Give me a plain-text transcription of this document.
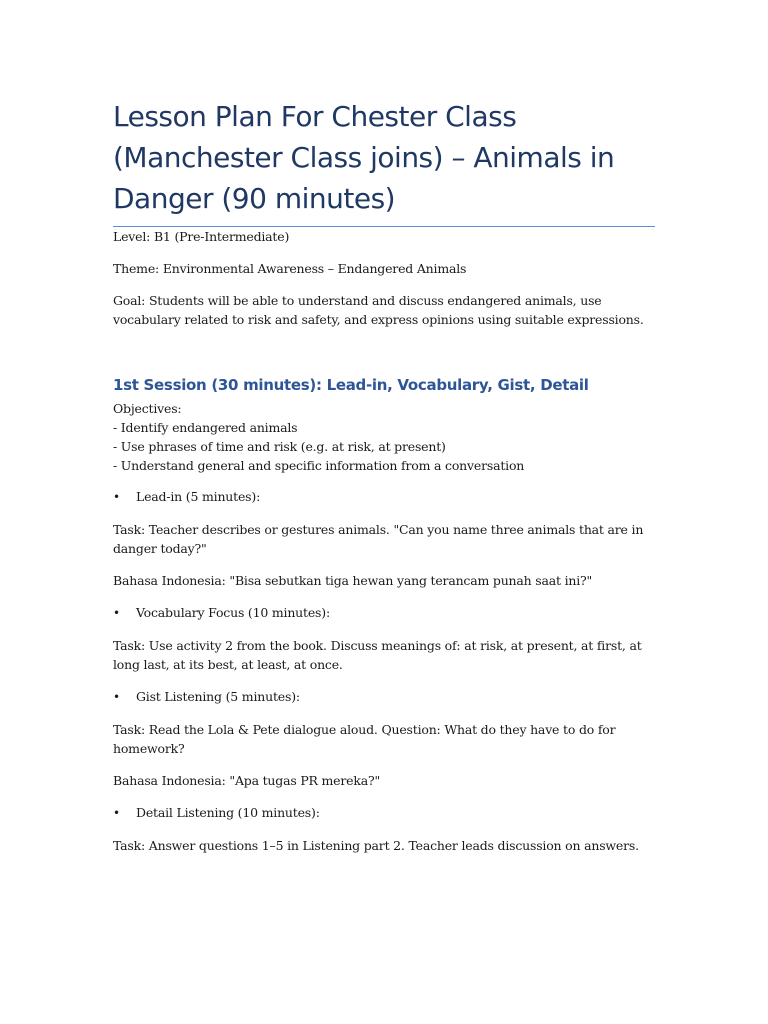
Lesson Plan For Chester Class (Manchester Class joins) – Animals in Danger (90 minutes)

Level: B1 (Pre-Intermediate)

Theme: Environmental Awareness – Endangered Animals

Goal: Students will be able to understand and discuss endangered animals, use vocabulary related to risk and safety, and express opinions using suitable expressions.

1st Session (30 minutes): Lead-in, Vocabulary, Gist, Detail

Objectives:

- Identify endangered animals

- Use phrases of time and risk (e.g. at risk, at present)

- Understand general and specific information from a conversation

•	Lead-in (5 minutes):

Task: Teacher describes or gestures animals. "Can you name three animals that are in danger today?"

Bahasa Indonesia: "Bisa sebutkan tiga hewan yang terancam punah saat ini?"

•	Vocabulary Focus (10 minutes):

Task: Use activity 2 from the book. Discuss meanings of: at risk, at present, at first, at long last, at its best, at least, at once.

•	Gist Listening (5 minutes):

Task: Read the Lola & Pete dialogue aloud. Question: What do they have to do for homework?

Bahasa Indonesia: "Apa tugas PR mereka?"

•	Detail Listening (10 minutes):

Task: Answer questions 1–5 in Listening part 2. Teacher leads discussion on answers.
